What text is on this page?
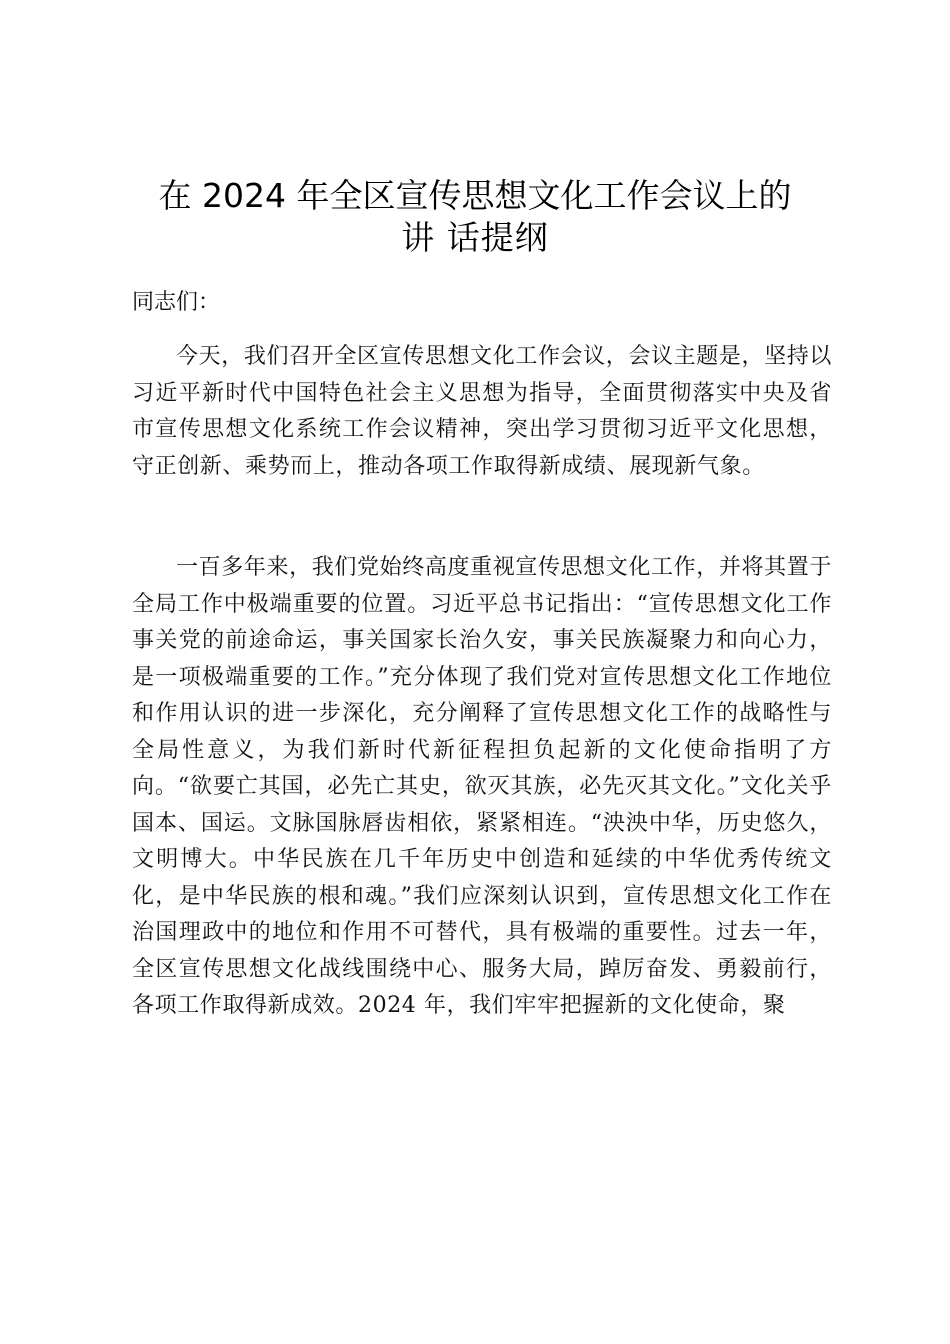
在 2024 年全区宣传思想文化工作会议上的
讲 话提纲
同志们：
今天，我们召开全区宣传思想文化工作会议，会议主题是，坚持以习近平新时代中国特色社会主义思想为指导，全面贯彻落实中央及省市宣传思想文化系统工作会议精神，突出学习贯彻习近平文化思想，守正创新、乘势而上，推动各项工作取得新成绩、展现新气象。
一百多年来，我们党始终高度重视宣传思想文化工作，并将其置于全局工作中极端重要的位置。习近平总书记指出：“宣传思想文化工作事关党的前途命运，事关国家长治久安，事关民族凝聚力和向心力，是一项极端重要的工作。”充分体现了我们党对宣传思想文化工作地位和作用认识的进一步深化，充分阐释了宣传思想文化工作的战略性与全局性意义，为我们新时代新征程担负起新的文化使命指明了方向。“欲要亡其国，必先亡其史，欲灭其族，必先灭其文化。”文化关乎国本、国运。文脉国脉唇齿相依，紧紧相连。“泱泱中华，历史悠久，文明博大。中华民族在几千年历史中创造和延续的中华优秀传统文化，是中华民族的根和魂。”我们应深刻认识到，宣传思想文化工作在治国理政中的地位和作用不可替代，具有极端的重要性。过去一年，全区宣传思想文化战线围绕中心、服务大局，踔厉奋发、勇毅前行，各项工作取得新成效。2024 年，我们牢牢把握新的文化使命，聚
